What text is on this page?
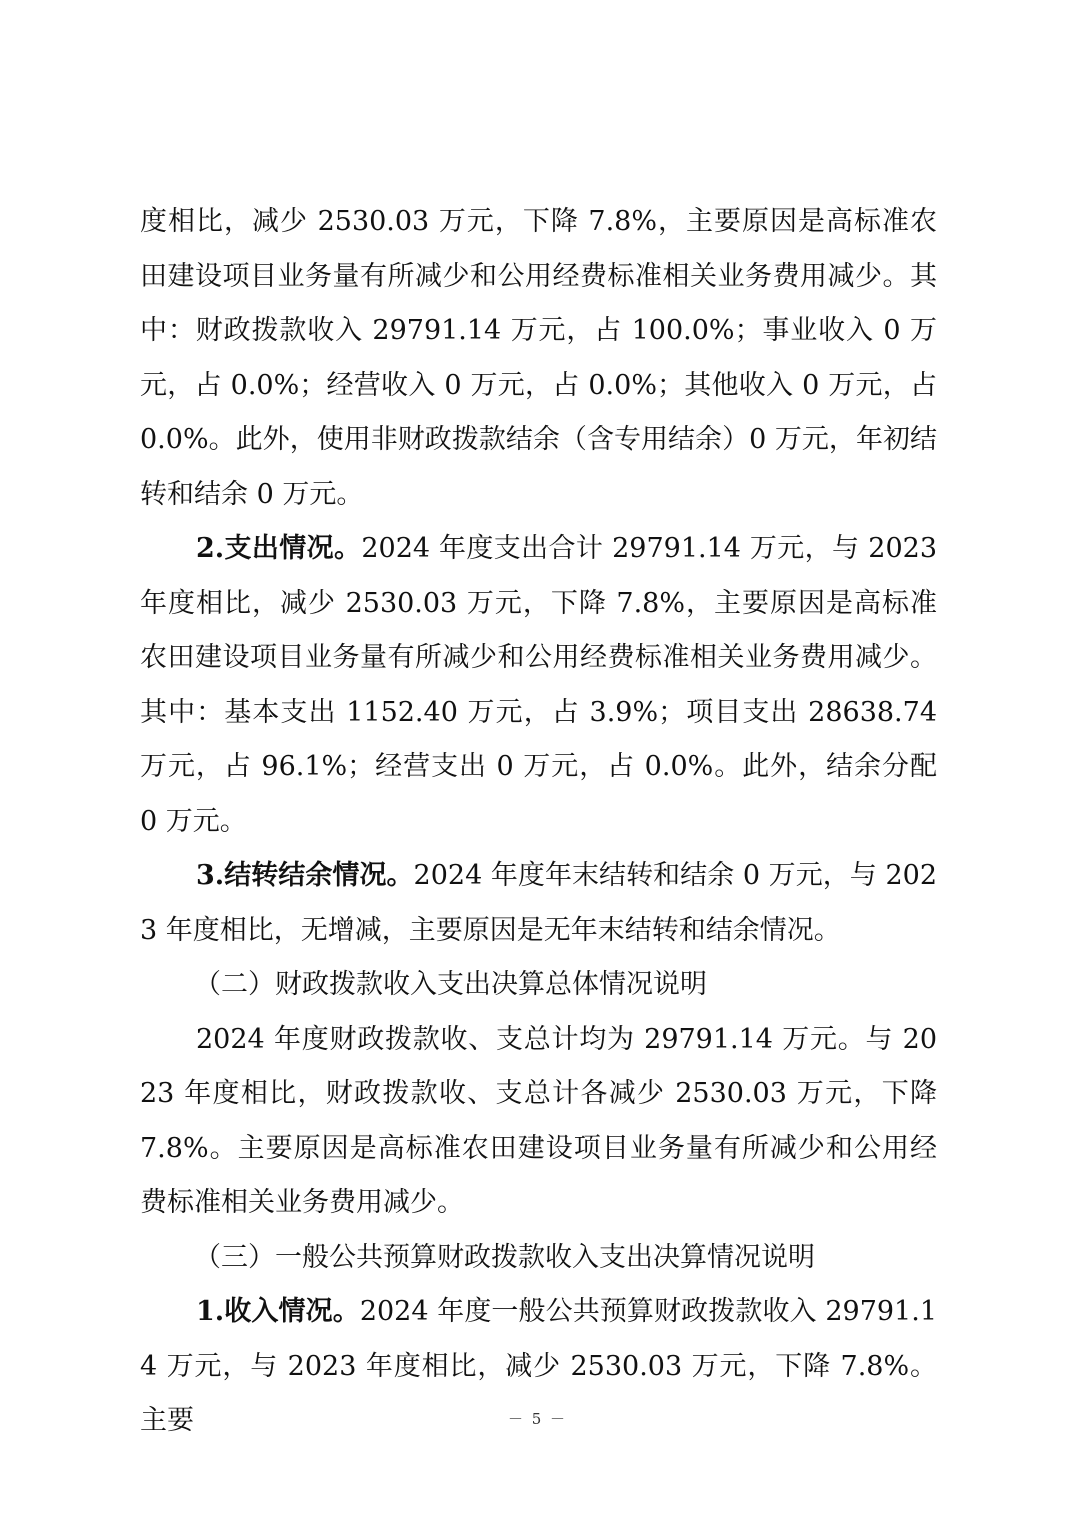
度相比，减少 2530.03 万元，下降 7.8%，主要原因是高标准农田建设项目业务量有所减少和公用经费标准相关业务费用减少。其中：财政拨款收入 29791.14 万元，占 100.0%；事业收入 0 万元，占 0.0%；经营收入 0 万元，占 0.0%；其他收入 0 万元，占 0.0%。此外，使用非财政拨款结余（含专用结余）0 万元，年初结转和结余 0 万元。

2.支出情况。2024 年度支出合计 29791.14 万元，与 2023 年度相比，减少 2530.03 万元，下降 7.8%，主要原因是高标准农田建设项目业务量有所减少和公用经费标准相关业务费用减少。其中：基本支出 1152.40 万元，占 3.9%；项目支出 28638.74 万元，占 96.1%；经营支出 0 万元，占 0.0%。此外，结余分配 0 万元。

3.结转结余情况。2024 年度年末结转和结余 0 万元，与 2023 年度相比，无增减，主要原因是无年末结转和结余情况。

（二）财政拨款收入支出决算总体情况说明

2024 年度财政拨款收、支总计均为 29791.14 万元。与 2023 年度相比，财政拨款收、支总计各减少 2530.03 万元，下降 7.8%。主要原因是高标准农田建设项目业务量有所减少和公用经费标准相关业务费用减少。

（三）一般公共预算财政拨款收入支出决算情况说明

1.收入情况。2024 年度一般公共预算财政拨款收入 29791.14 万元，与 2023 年度相比，减少 2530.03 万元，下降 7.8%。主要	－ 5 －
